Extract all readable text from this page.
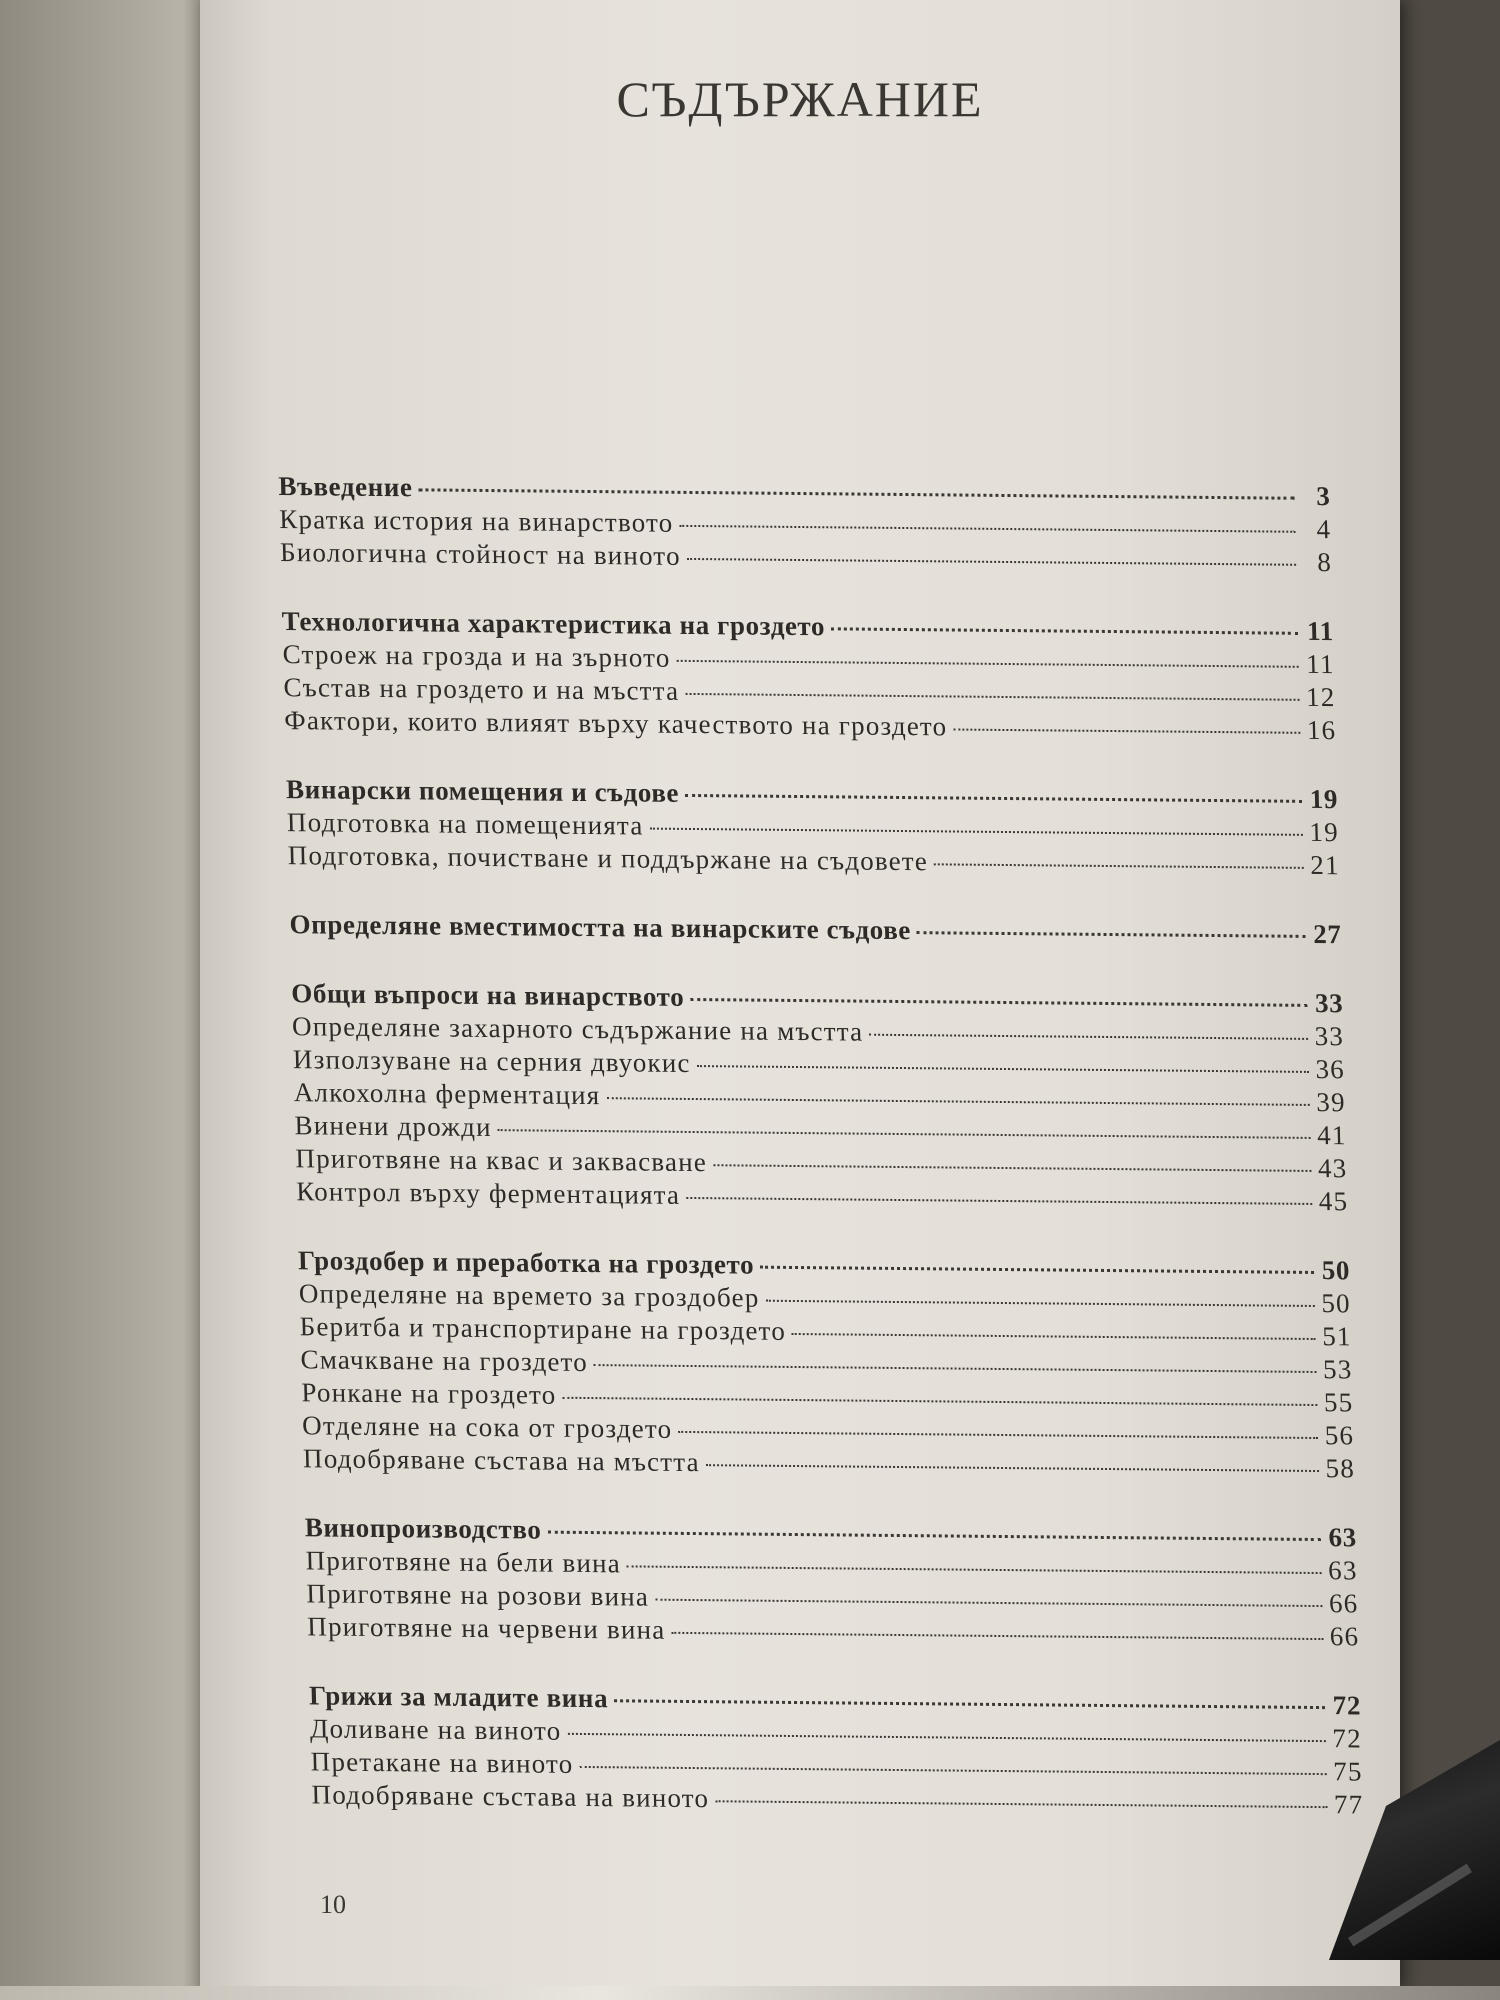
СЪДЪРЖАНИЕ
Въведение	3
Кратка история на винарството	4
Биологична стойност на виното	8
Технологична характеристика на гроздето	11
Строеж на грозда и на зърното	11
Състав на гроздето и на мъстта	12
Фактори, които влияят върху качеството на гроздето	16
Винарски помещения и съдове	19
Подготовка на помещенията	19
Подготовка, почистване и поддържане на съдовете	21
Определяне вместимостта на винарските съдове	27
Общи въпроси на винарството	33
Определяне захарното съдържание на мъстта	33
Използуване на серния двуокис	36
Алкохолна ферментация	39
Винени дрожди	41
Приготвяне на квас и заквасване	43
Контрол върху ферментацията	45
Гроздобер и преработка на гроздето	50
Определяне на времето за гроздобер	50
Беритба и транспортиране на гроздето	51
Смачкване на гроздето	53
Ронкане на гроздето	55
Отделяне на сока от гроздето	56
Подобряване състава на мъстта	58
Винопроизводство	63
Приготвяне на бели вина	63
Приготвяне на розови вина	66
Приготвяне на червени вина	66
Грижи за младите вина	72
Доливане на виното	72
Претакане на виното	75
Подобряване състава на виното	77
10
